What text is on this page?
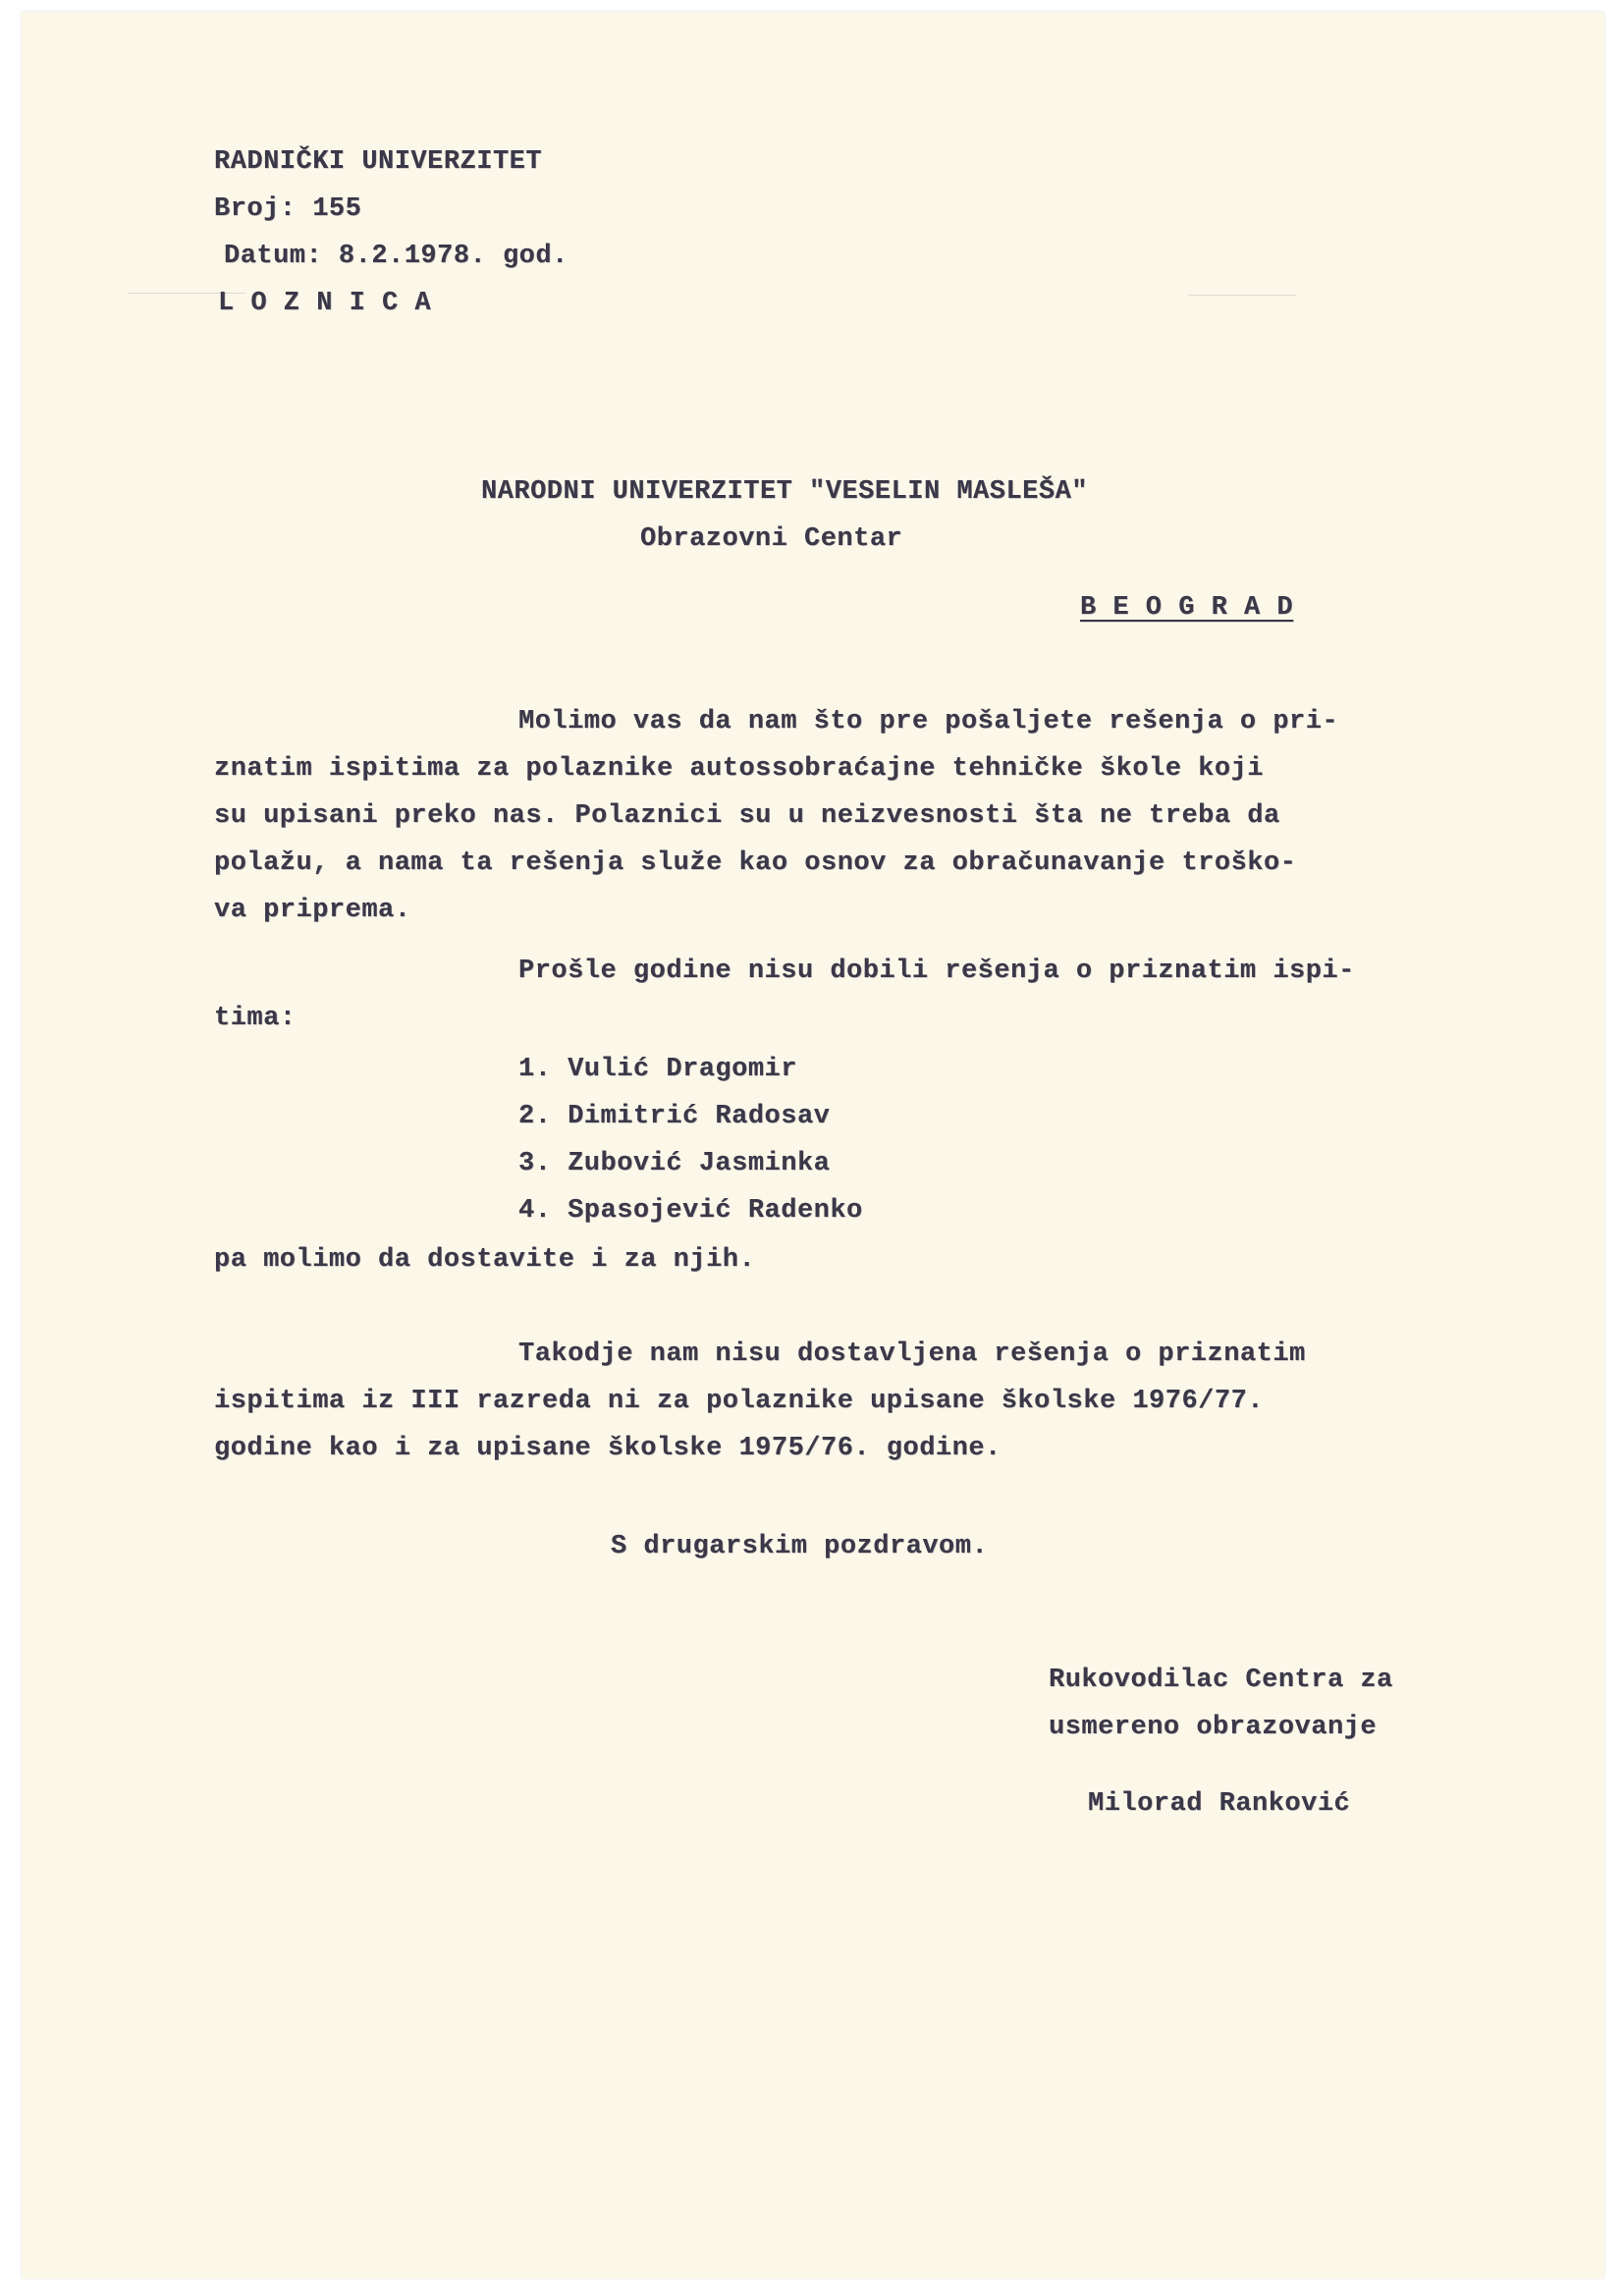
RADNIČKI UNIVERZITET
Broj: 155
Datum: 8.2.1978. god.
L O Z N I C A
NARODNI UNIVERZITET "VESELIN MASLEŠA"
Obrazovni Centar
B E O G R A D
Molimo vas da nam što pre pošaljete rešenja o pri-
znatim ispitima za polaznike autossobraćajne tehničke škole koji
su upisani preko nas. Polaznici su u neizvesnosti šta ne treba da
polažu, a nama ta rešenja služe kao osnov za obračunavanje troško-
va priprema.
Prošle godine nisu dobili rešenja o priznatim ispi-
tima:
1. Vulić Dragomir
2. Dimitrić Radosav
3. Zubović Jasminka
4. Spasojević Radenko
pa molimo da dostavite i za njih.
Takodje nam nisu dostavljena rešenja o priznatim
ispitima iz III razreda ni za polaznike upisane školske 1976/77.
godine kao i za upisane školske 1975/76. godine.
S drugarskim pozdravom.
Rukovodilac Centra za
usmereno obrazovanje
Milorad Ranković
